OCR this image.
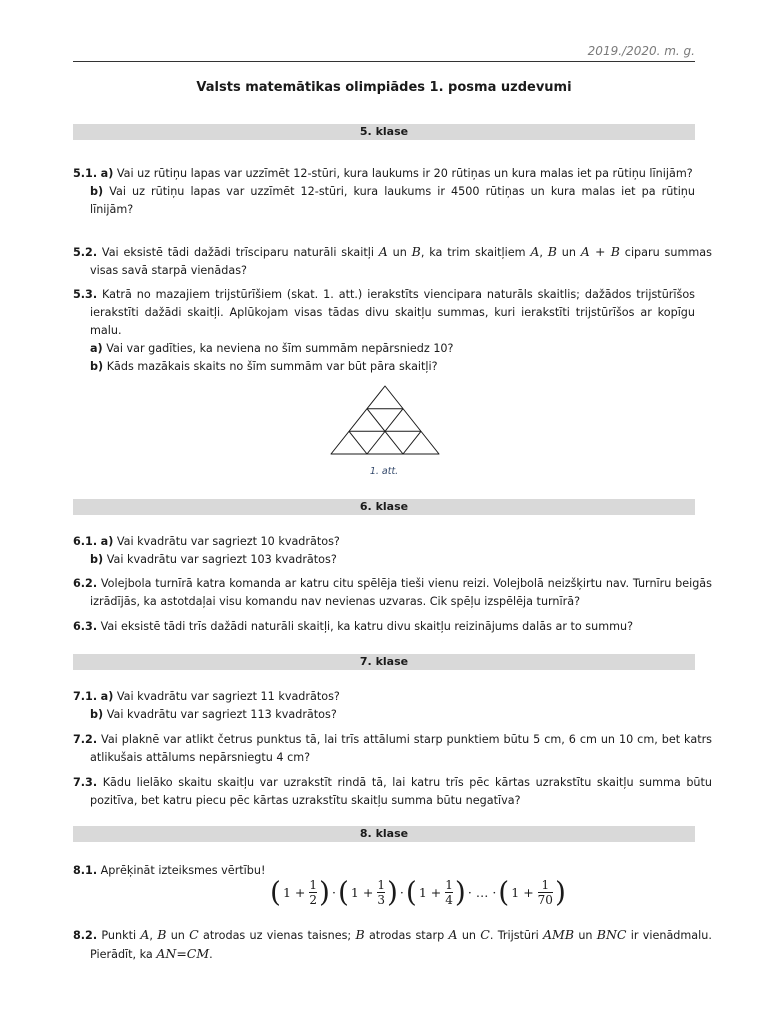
2019./2020. m. g.
Valsts matemātikas olimpiādes 1. posma uzdevumi
5. klase
5.1. a) Vai uz rūtiņu lapas var uzzīmēt 12-stūri, kura laukums ir 20 rūtiņas un kura malas iet pa rūtiņu līnijām?
b) Vai uz rūtiņu lapas var uzzīmēt 12-stūri, kura laukums ir 4500 rūtiņas un kura malas iet pa rūtiņu līnijām?
5.2. Vai eksistē tādi dažādi trīsciparu naturāli skaitļi A un B, ka trim skaitļiem A, B un A + B ciparu summas visas savā starpā vienādas?
5.3. Katrā no mazajiem trijstūrīšiem (skat. 1. att.) ierakstīts viencipara naturāls skaitlis; dažādos trijstūrīšos ierakstīti dažādi skaitļi. Aplūkojam visas tādas divu skaitļu summas, kuri ierakstīti trijstūrīšos ar kopīgu malu.
a) Vai var gadīties, ka neviena no šīm summām nepārsniedz 10?
b) Kāds mazākais skaits no šīm summām var būt pāra skaitļi?
1. att.
6. klase
6.1. a) Vai kvadrātu var sagriezt 10 kvadrātos?
b) Vai kvadrātu var sagriezt 103 kvadrātos?
6.2. Volejbola turnīrā katra komanda ar katru citu spēlēja tieši vienu reizi. Volejbolā neizšķirtu nav. Turnīru beigās izrādījās, ka astotdaļai visu komandu nav nevienas uzvaras. Cik spēļu izspēlēja turnīrā?
6.3. Vai eksistē tādi trīs dažādi naturāli skaitļi, ka katru divu skaitļu reizinājums dalās ar to summu?
7. klase
7.1. a) Vai kvadrātu var sagriezt 11 kvadrātos?
b) Vai kvadrātu var sagriezt 113 kvadrātos?
7.2. Vai plaknē var atlikt četrus punktus tā, lai trīs attālumi starp punktiem būtu 5 cm, 6 cm un 10 cm, bet katrs atlikušais attālums nepārsniegtu 4 cm?
7.3. Kādu lielāko skaitu skaitļu var uzrakstīt rindā tā, lai katru trīs pēc kārtas uzrakstītu skaitļu summa būtu pozitīva, bet katru piecu pēc kārtas uzrakstītu skaitļu summa būtu negatīva?
8. klase
8.1. Aprēķināt izteiksmes vērtību!
( $1 + \frac{1}{2}$ ) ·( $1 + \frac{1}{3}$ ) ·( $1 + \frac{1}{4}$ ) · … ·( $1 + \frac{1}{70}$ )
8.2. Punkti A, B un C atrodas uz vienas taisnes; B atrodas starp A un C. Trijstūri AMB un BNC ir vienādmalu. Pierādīt, ka AN=CM.
